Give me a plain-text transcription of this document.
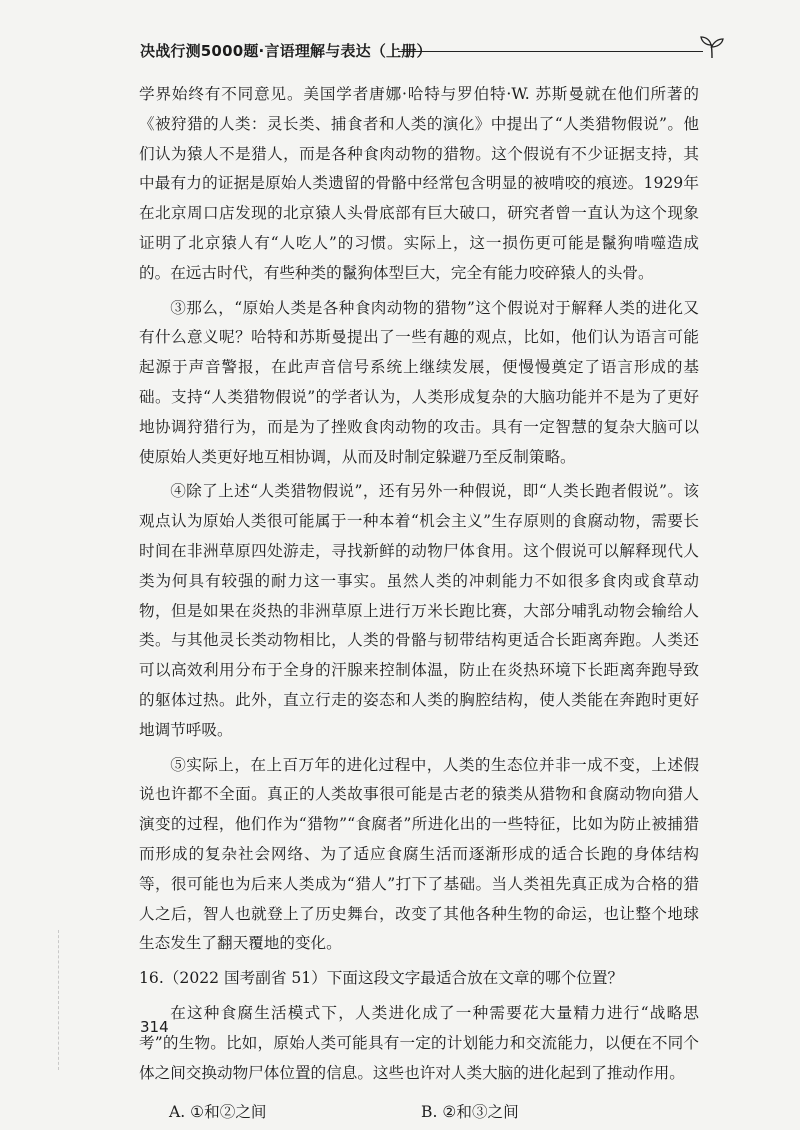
决战行测5000题·言语理解与表达（上册）

学界始终有不同意见。美国学者唐娜·哈特与罗伯特·W. 苏斯曼就在他们所著的《被狩猎的人类：灵长类、捕食者和人类的演化》中提出了“人类猎物假说”。他们认为猿人不是猎人，而是各种食肉动物的猎物。这个假说有不少证据支持，其中最有力的证据是原始人类遗留的骨骼中经常包含明显的被啃咬的痕迹。1929年在北京周口店发现的北京猿人头骨底部有巨大破口，研究者曾一直认为这个现象证明了北京猿人有“人吃人”的习惯。实际上，这一损伤更可能是鬣狗啃噬造成的。在远古时代，有些种类的鬣狗体型巨大，完全有能力咬碎猿人的头骨。

③那么，“原始人类是各种食肉动物的猎物”这个假说对于解释人类的进化又有什么意义呢？哈特和苏斯曼提出了一些有趣的观点，比如，他们认为语言可能起源于声音警报，在此声音信号系统上继续发展，便慢慢奠定了语言形成的基础。支持“人类猎物假说”的学者认为，人类形成复杂的大脑功能并不是为了更好地协调狩猎行为，而是为了挫败食肉动物的攻击。具有一定智慧的复杂大脑可以使原始人类更好地互相协调，从而及时制定躲避乃至反制策略。

④除了上述“人类猎物假说”，还有另外一种假说，即“人类长跑者假说”。该观点认为原始人类很可能属于一种本着“机会主义”生存原则的食腐动物，需要长时间在非洲草原四处游走，寻找新鲜的动物尸体食用。这个假说可以解释现代人类为何具有较强的耐力这一事实。虽然人类的冲刺能力不如很多食肉或食草动物，但是如果在炎热的非洲草原上进行万米长跑比赛，大部分哺乳动物会输给人类。与其他灵长类动物相比，人类的骨骼与韧带结构更适合长距离奔跑。人类还可以高效利用分布于全身的汗腺来控制体温，防止在炎热环境下长距离奔跑导致的躯体过热。此外，直立行走的姿态和人类的胸腔结构，使人类能在奔跑时更好地调节呼吸。

⑤实际上，在上百万年的进化过程中，人类的生态位并非一成不变，上述假说也许都不全面。真正的人类故事很可能是古老的猿类从猎物和食腐动物向猎人演变的过程，他们作为“猎物”“食腐者”所进化出的一些特征，比如为防止被捕猎而形成的复杂社会网络、为了适应食腐生活而逐渐形成的适合长跑的身体结构等，很可能也为后来人类成为“猎人”打下了基础。当人类祖先真正成为合格的猎人之后，智人也就登上了历史舞台，改变了其他各种生物的命运，也让整个地球生态发生了翻天覆地的变化。

16.（2022 国考副省 51）下面这段文字最适合放在文章的哪个位置？

在这种食腐生活模式下，人类进化成了一种需要花大量精力进行“战略思考”的生物。比如，原始人类可能具有一定的计划能力和交流能力，以便在不同个体之间交换动物尸体位置的信息。这些也许对人类大脑的进化起到了推动作用。

A. ①和②之间	B. ②和③之间
314
